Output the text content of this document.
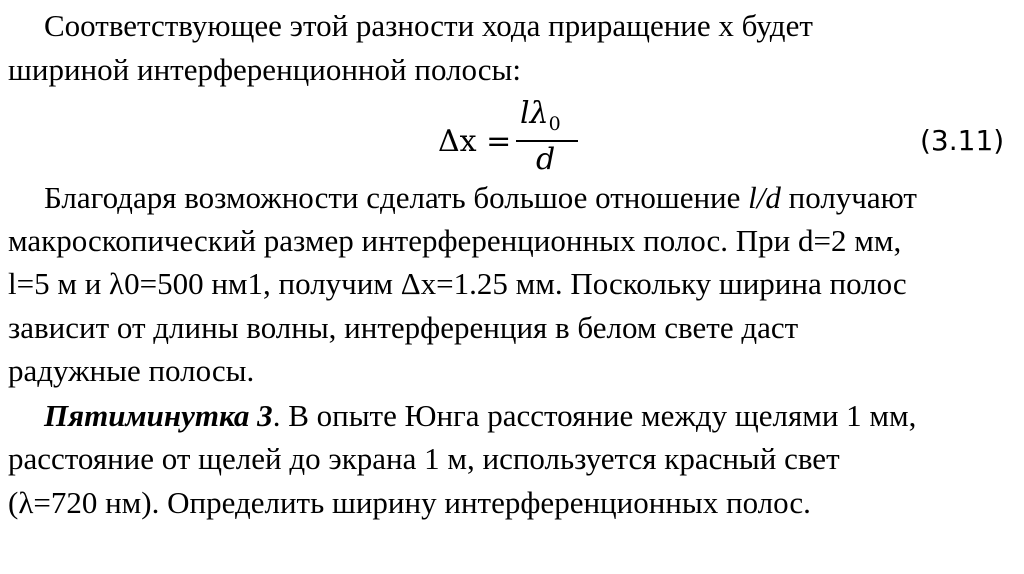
Соответствующее этой разности хода приращение х будет
шириной интерференционной полосы:
Δx =
$l\lambda_0$
d
(3.11)
Благодаря возможности сделать большое отношение l/d получают
макроскопический размер интерференционных полос. При d=2 мм,
l=5 м и λ0=500 нм1, получим Δx=1.25 мм. Поскольку ширина полос
зависит от длины волны, интерференция в белом свете даст
радужные полосы.
Пятиминутка 3. В опыте Юнга расстояние между щелями 1 мм,
расстояние от щелей до экрана 1 м, используется красный свет
(λ=720 нм). Определить ширину интерференционных полос.
